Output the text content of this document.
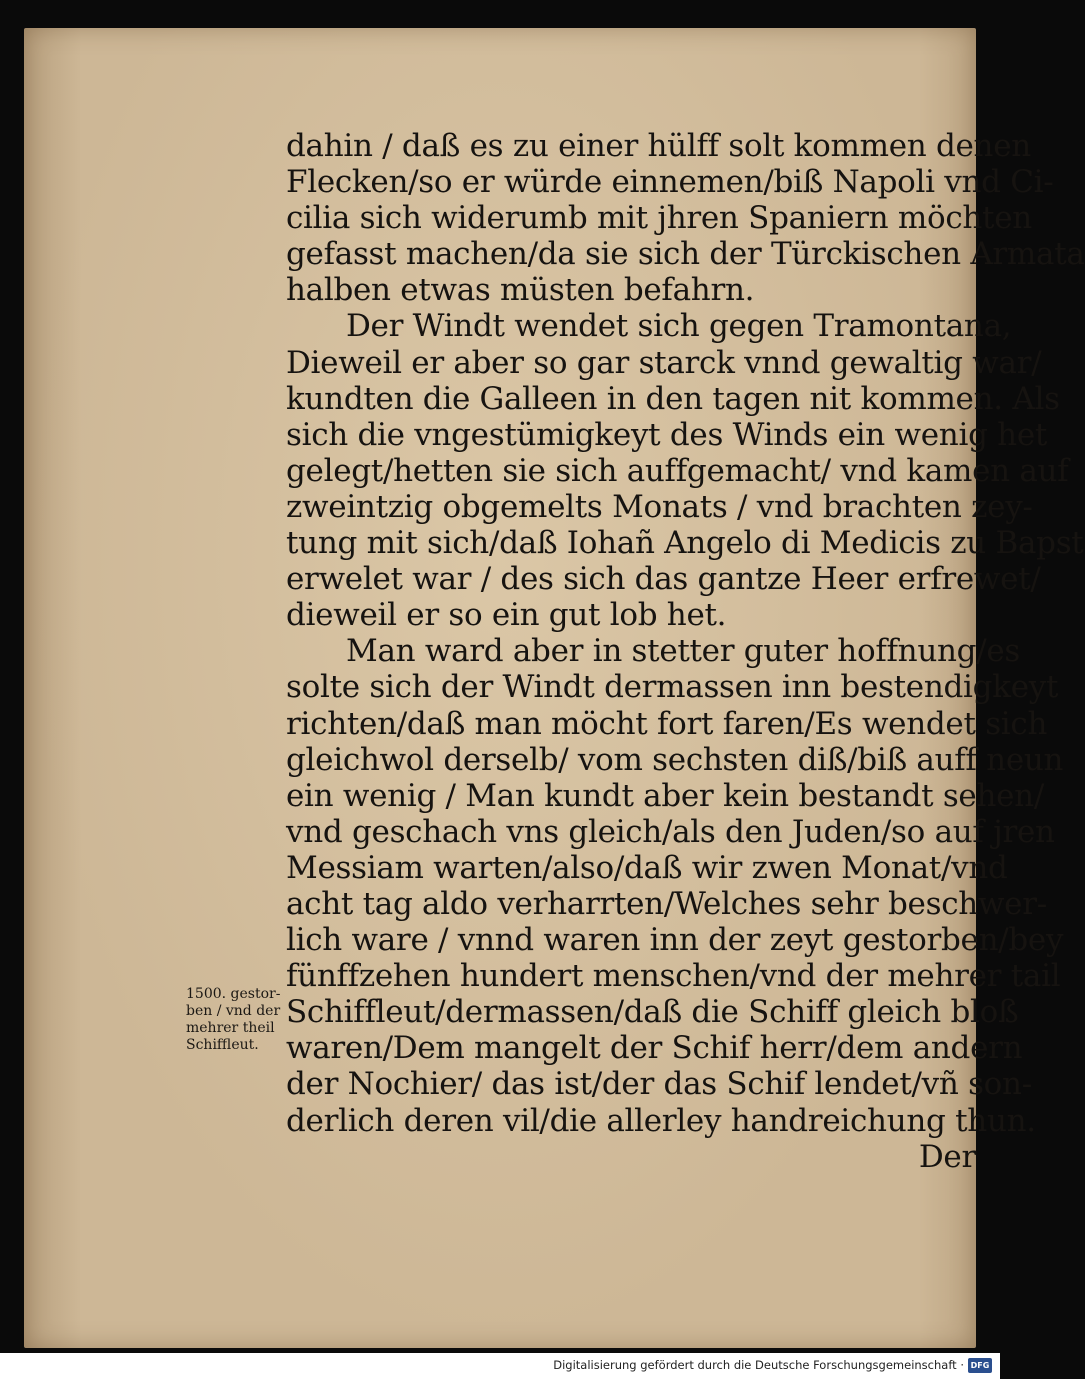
dahin / daß es zu einer hülff solt kommen denen

Flecken/so er würde einnemen/biß Napoli vnd Ci-

cilia sich widerumb mit jhren Spaniern möchten

gefasst machen/da sie sich der Türckischen Armata

halben etwas müsten befahrn.

Der Windt wendet sich gegen Tramontana,

Dieweil er aber so gar starck vnnd gewaltig war/

kundten die Galleen in den tagen nit kommen. Als

sich die vngestümigkeyt des Winds ein wenig het

gelegt/hetten sie sich auffgemacht/ vnd kamen auf

zweintzig obgemelts Monats / vnd brachten zey-

tung mit sich/daß Iohañ Angelo di Medicis zu Bapst

erwelet war / des sich das gantze Heer erfrewet/

dieweil er so ein gut lob het.

Man ward aber in stetter guter hoffnung/es

solte sich der Windt dermassen inn bestendigkeyt

richten/daß man möcht fort faren/Es wendet sich

gleichwol derselb/ vom sechsten diß/biß auff neun

ein wenig / Man kundt aber kein bestandt sehen/

vnd geschach vns gleich/als den Juden/so auf jren

Messiam warten/also/daß wir zwen Monat/vnd

acht tag aldo verharrten/Welches sehr beschwer-

lich ware / vnnd waren inn der zeyt gestorben/bey

fünffzehen hundert menschen/vnd der mehrer tail

Schiffleut/dermassen/daß die Schiff gleich bloß

waren/Dem mangelt der Schif herr/dem andern

der Nochier/ das ist/der das Schif lendet/vñ son-

derlich deren vil/die allerley handreichung thun.

Der

1500. gestor-

ben / vnd der

mehrer theil

Schiffleut.

Digitalisierung gefördert durch die Deutsche Forschungsgemeinschaft · DFG
